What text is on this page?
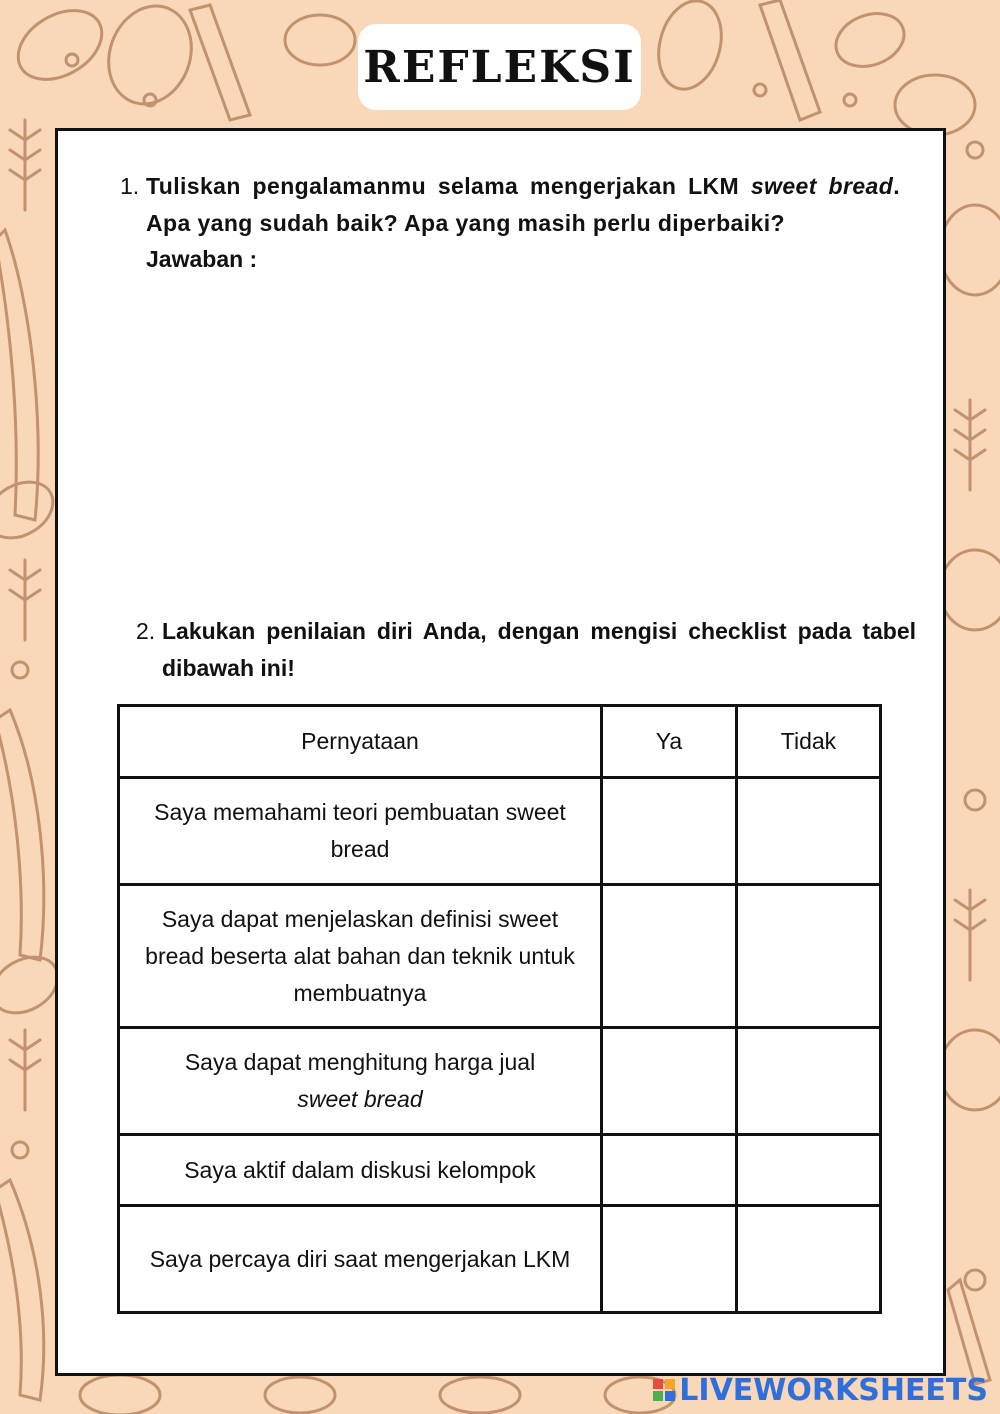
REFLEKSI
1. Tuliskan pengalamanmu selama mengerjakan LKM sweet bread. Apa yang sudah baik? Apa yang masih perlu diperbaiki?
Jawaban :
2. Lakukan penilaian diri Anda, dengan mengisi checklist pada tabel dibawah ini!
Pernyataan	Ya	Tidak
Saya memahami teori pembuatan sweet bread		
Saya dapat menjelaskan definisi sweet bread beserta alat bahan dan teknik untuk membuatnya		
Saya dapat menghitung harga jual
sweet bread		
Saya aktif dalam diskusi kelompok		
Saya percaya diri saat mengerjakan LKM		
LIVEWORKSHEETS
